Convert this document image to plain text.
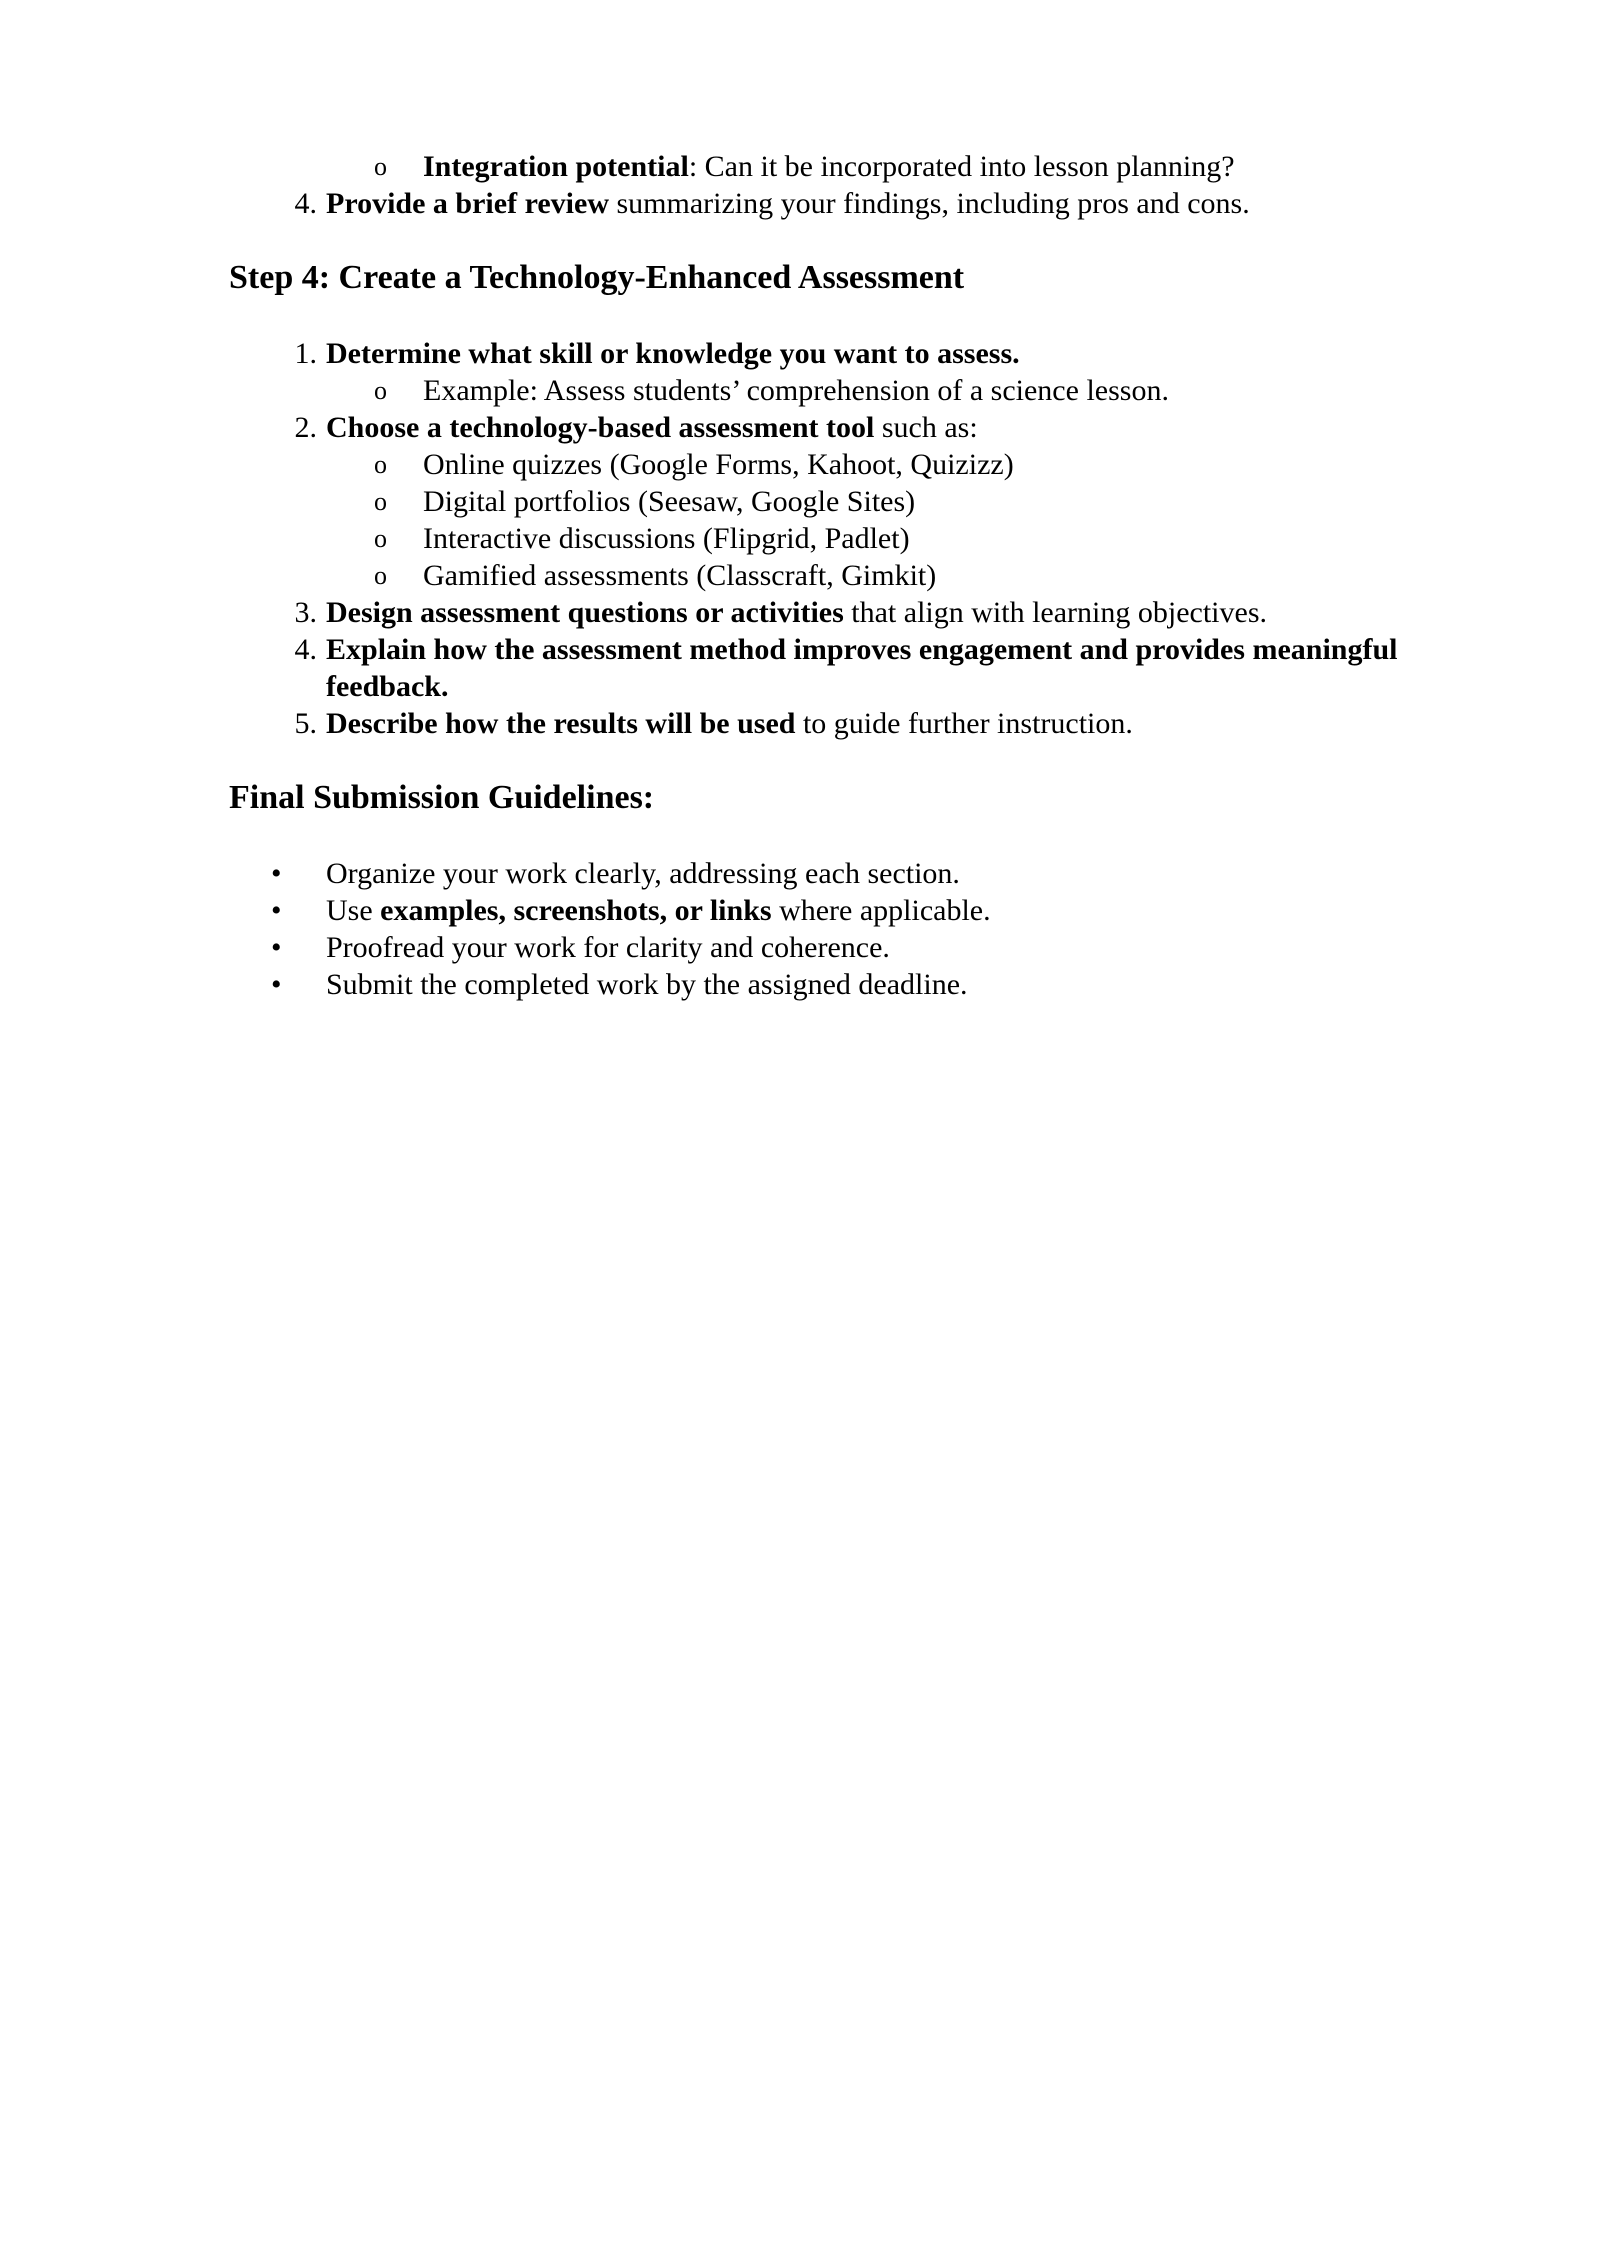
o Integration potential: Can it be incorporated into lesson planning?
4. Provide a brief review summarizing your findings, including pros and cons.
Step 4: Create a Technology-Enhanced Assessment
1. Determine what skill or knowledge you want to assess.
o Example: Assess students’ comprehension of a science lesson.
2. Choose a technology-based assessment tool such as:
o Online quizzes (Google Forms, Kahoot, Quizizz)
o Digital portfolios (Seesaw, Google Sites)
o Interactive discussions (Flipgrid, Padlet)
o Gamified assessments (Classcraft, Gimkit)
3. Design assessment questions or activities that align with learning objectives.
4. Explain how the assessment method improves engagement and provides meaningful
feedback.
5. Describe how the results will be used to guide further instruction.
Final Submission Guidelines:
• Organize your work clearly, addressing each section.
• Use examples, screenshots, or links where applicable.
• Proofread your work for clarity and coherence.
• Submit the completed work by the assigned deadline.
